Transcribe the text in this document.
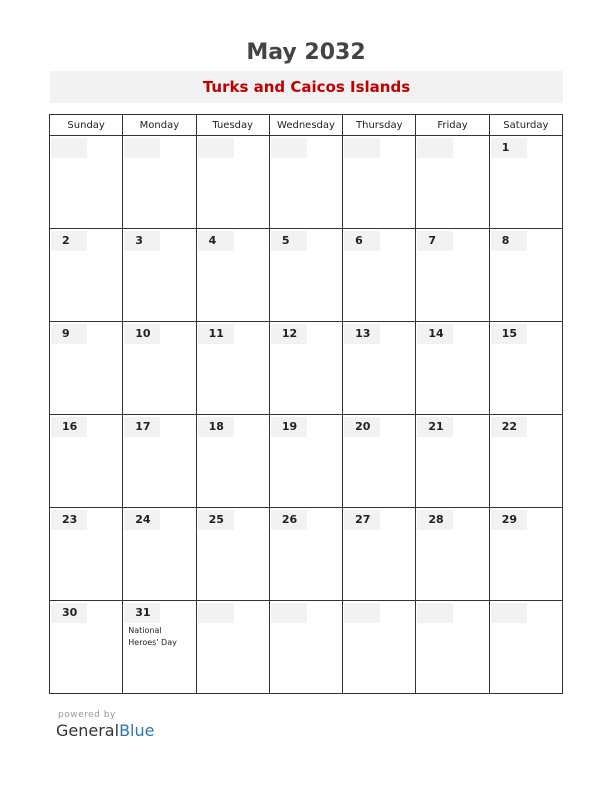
May 2032
Turks and Caicos Islands
Sunday	Monday	Tuesday	Wednesday	Thursday	Friday	Saturday

						1

2	3	4	5	6	7	8

9	10	11	12	13	14	15

16	17	18	19	20	21	22

23	24	25	26	27	28	29

30	31
National Heroes' Day					

powered by
GeneralBlue
